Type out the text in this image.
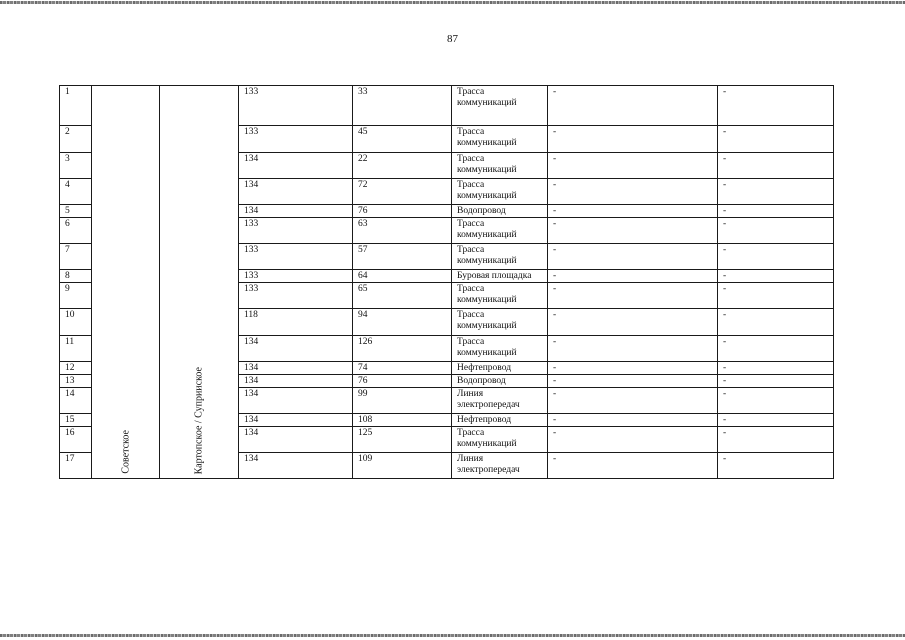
87
1	Советское	Картопское / Суприиское	133	33	Трасса коммуникаций	-	-
2			133	45	Трасса коммуникаций	-	-
3			134	22	Трасса коммуникаций	-	-
4			134	72	Трасса коммуникаций	-	-
5			134	76	Водопровод	-	-
6			133	63	Трасса коммуникаций	-	-
7			133	57	Трасса коммуникаций	-	-
8			133	64	Буровая площадка	-	-
9			133	65	Трасса коммуникаций	-	-
10			118	94	Трасса коммуникаций	-	-
11			134	126	Трасса коммуникаций	-	-
12			134	74	Нефтепровод	-	-
13			134	76	Водопровод	-	-
14			134	99	Линия электропередач	-	-
15			134	108	Нефтепровод	-	-
16			134	125	Трасса коммуникаций	-	-
17			134	109	Линия электропередач	-	-
